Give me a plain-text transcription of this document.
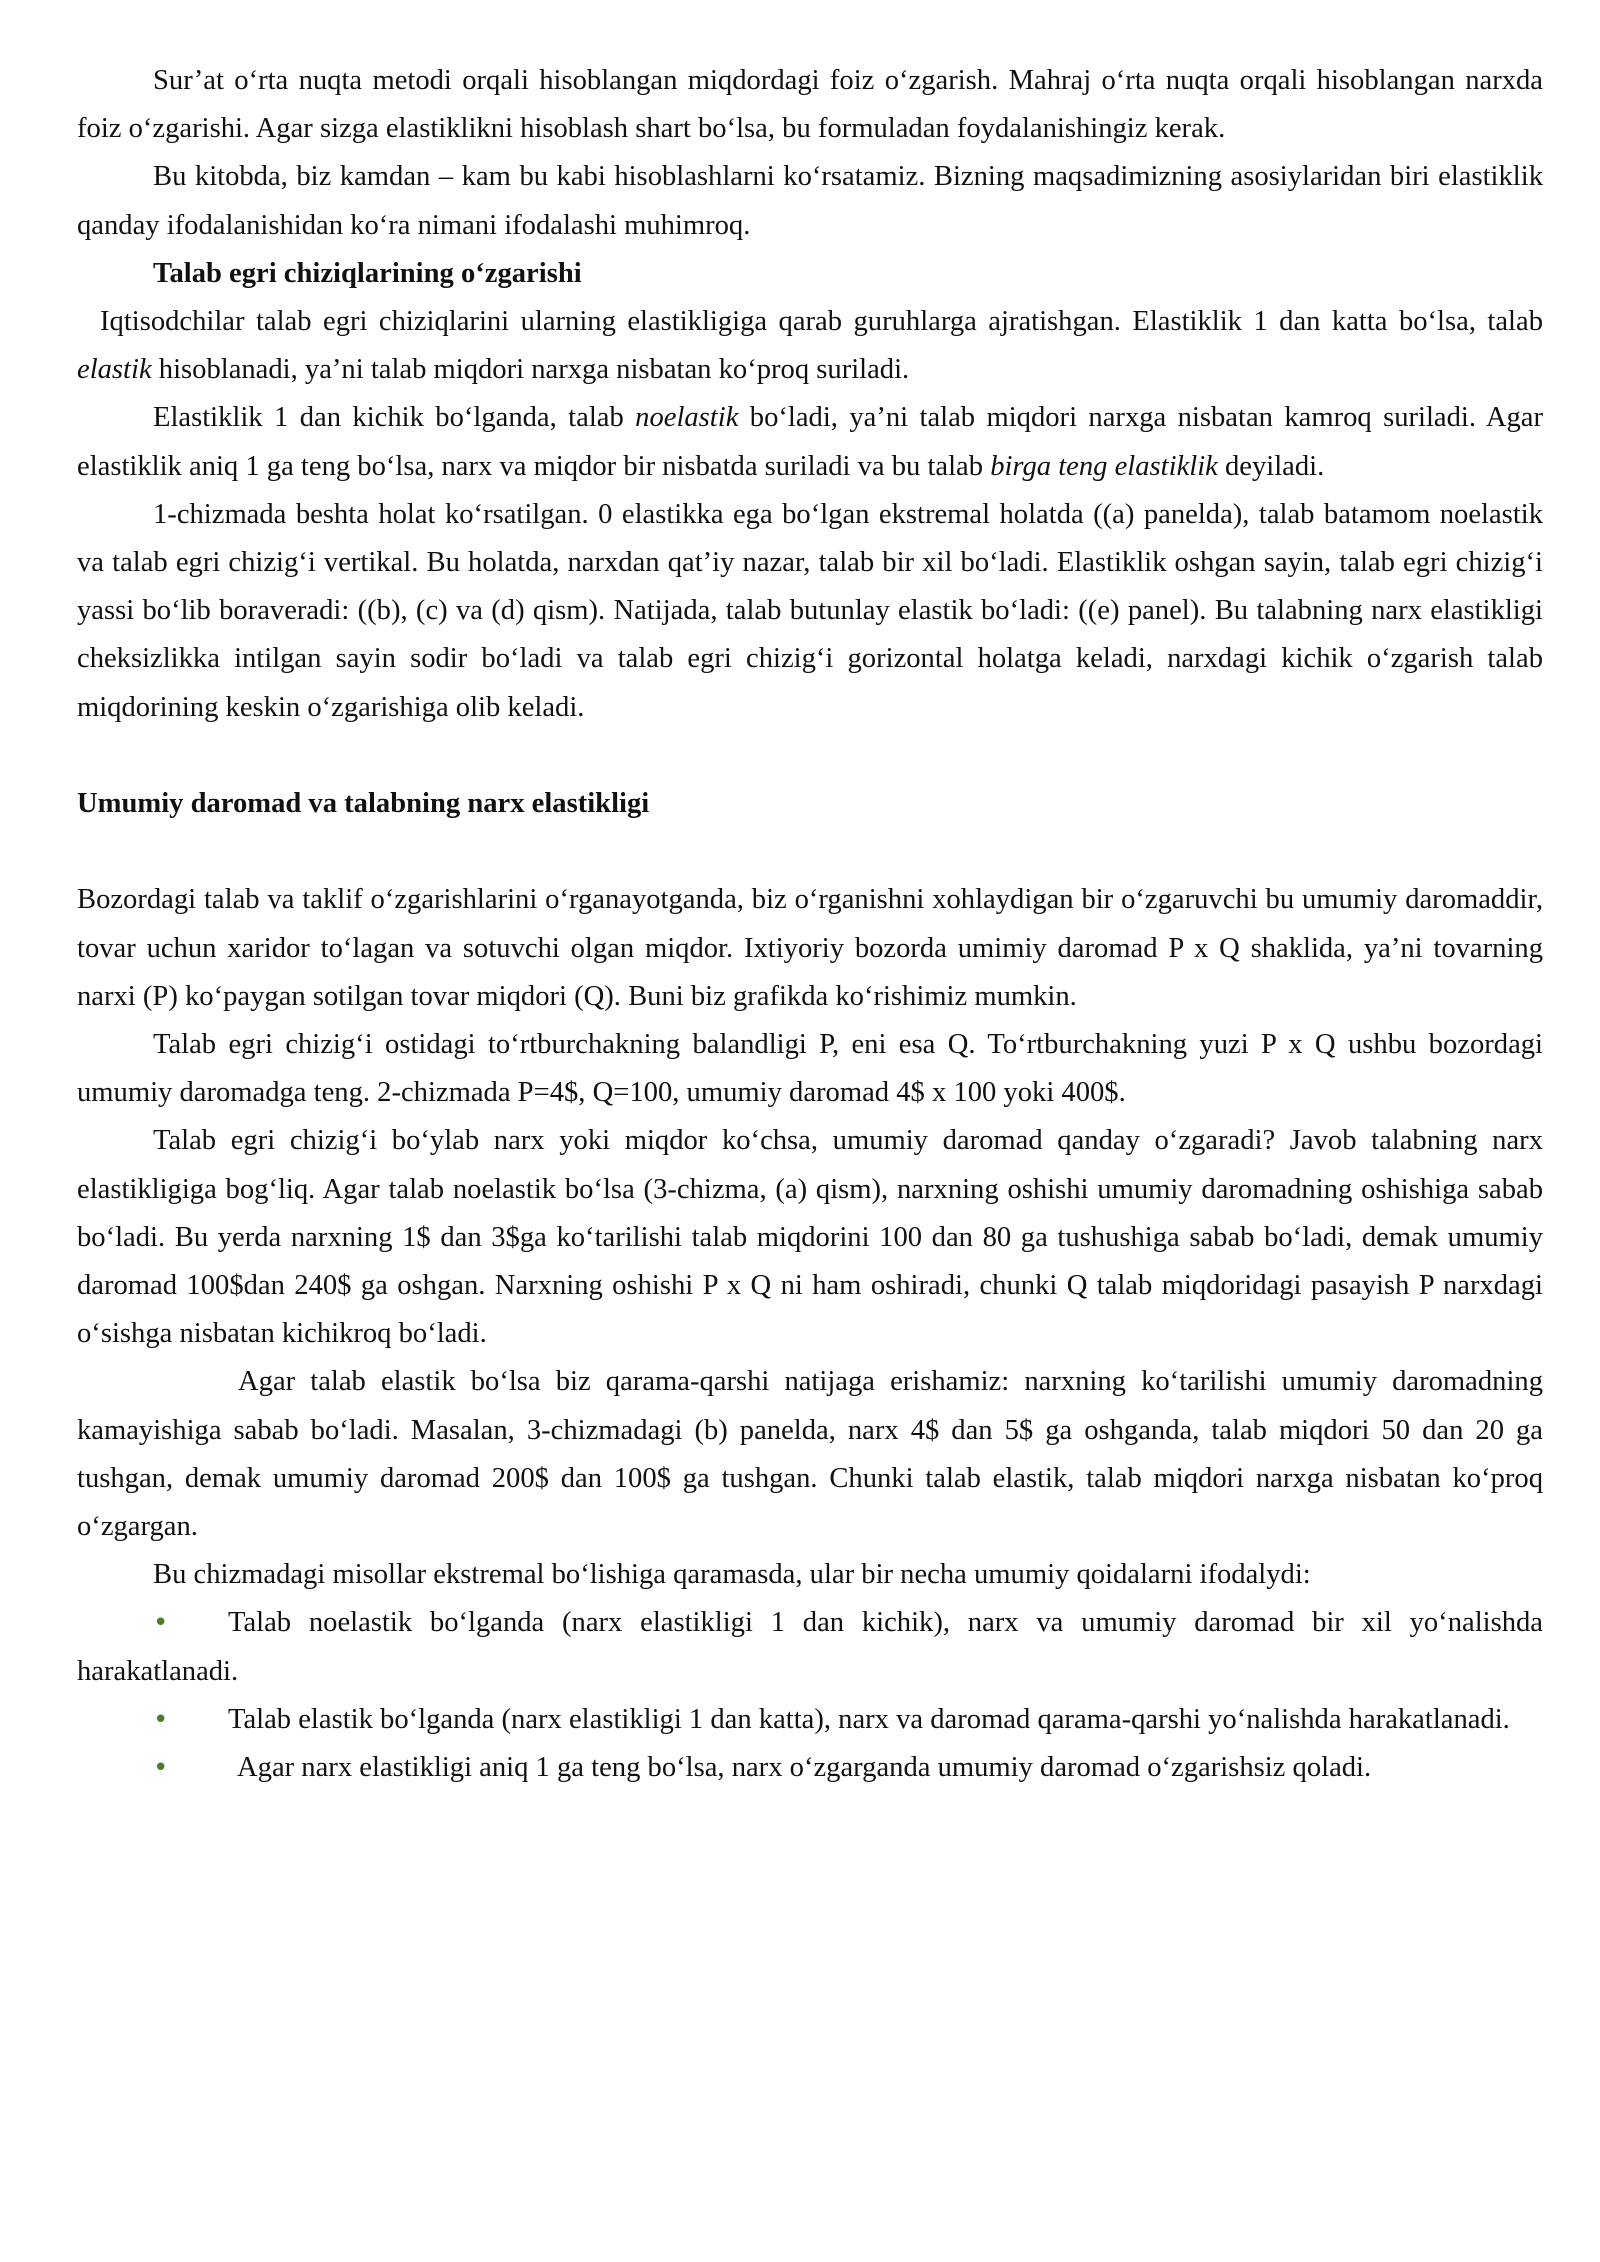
Sur’at o‘rta nuqta metodi orqali hisoblangan miqdordagi foiz o‘zgarish. Mahraj o‘rta nuqta orqali hisoblangan narxda foiz o‘zgarishi. Agar sizga elastiklikni hisoblash shart bo‘lsa, bu formuladan foydalanishingiz kerak.

Bu kitobda, biz kamdan – kam bu kabi hisoblashlarni ko‘rsatamiz. Bizning maqsadimizning asosiylaridan biri elastiklik qanday ifodalanishidan ko‘ra nimani ifodalashi muhimroq.

Talab egri chiziqlarining o‘zgarishi

Iqtisodchilar talab egri chiziqlarini ularning elastikligiga qarab guruhlarga ajratishgan. Elastiklik 1 dan katta bo‘lsa, talab elastik hisoblanadi, ya’ni talab miqdori narxga nisbatan ko‘proq suriladi.

Elastiklik 1 dan kichik bo‘lganda, talab noelastik bo‘ladi, ya’ni talab miqdori narxga nisbatan kamroq suriladi. Agar elastiklik aniq 1 ga teng bo‘lsa, narx va miqdor bir nisbatda suriladi va bu talab birga teng elastiklik deyiladi.

1-chizmada beshta holat ko‘rsatilgan. 0 elastikka ega bo‘lgan ekstremal holatda ((a) panelda), talab batamom noelastik va talab egri chizig‘i vertikal. Bu holatda, narxdan qat’iy nazar, talab bir xil bo‘ladi. Elastiklik oshgan sayin, talab egri chizig‘i yassi bo‘lib boraveradi: ((b), (c) va (d) qism). Natijada, talab butunlay elastik bo‘ladi: ((e) panel). Bu talabning narx elastikligi cheksizlikka intilgan sayin sodir bo‘ladi va talab egri chizig‘i gorizontal holatga keladi, narxdagi kichik o‘zgarish talab miqdorining keskin o‘zgarishiga olib keladi.

Umumiy daromad va talabning narx elastikligi

Bozordagi talab va taklif o‘zgarishlarini o‘rganayotganda, biz o‘rganishni xohlaydigan bir o‘zgaruvchi bu umumiy daromaddir, tovar uchun xaridor to‘lagan va sotuvchi olgan miqdor. Ixtiyoriy bozorda umimiy daromad P x Q shaklida, ya’ni tovarning narxi (P) ko‘paygan sotilgan tovar miqdori (Q). Buni biz grafikda ko‘rishimiz mumkin.

Talab egri chizig‘i ostidagi to‘rtburchakning balandligi P, eni esa Q. To‘rtburchakning yuzi P x Q ushbu bozordagi umumiy daromadga teng. 2-chizmada P=4$, Q=100, umumiy daromad 4$ x 100 yoki 400$.

Talab egri chizig‘i bo‘ylab narx yoki miqdor ko‘chsa, umumiy daromad qanday o‘zgaradi? Javob talabning narx elastikligiga bog‘liq. Agar talab noelastik bo‘lsa (3-chizma, (a) qism), narxning oshishi umumiy daromadning oshishiga sabab bo‘ladi. Bu yerda narxning 1$ dan 3$ga ko‘tarilishi talab miqdorini 100 dan 80 ga tushushiga sabab bo‘ladi, demak umumiy daromad 100$dan 240$ ga oshgan. Narxning oshishi P x Q ni ham oshiradi, chunki Q talab miqdoridagi pasayish P narxdagi o‘sishga nisbatan kichikroq bo‘ladi.

Agar talab elastik bo‘lsa biz qarama-qarshi natijaga erishamiz: narxning ko‘tarilishi umumiy daromadning kamayishiga sabab bo‘ladi. Masalan, 3-chizmadagi (b) panelda, narx 4$ dan 5$ ga oshganda, talab miqdori 50 dan 20 ga tushgan, demak umumiy daromad 200$ dan 100$ ga tushgan. Chunki talab elastik, talab miqdori narxga nisbatan ko‘proq o‘zgargan.

Bu chizmadagi misollar ekstremal bo‘lishiga qaramasda, ular bir necha umumiy qoidalarni ifodalydi:

• Talab noelastik bo‘lganda (narx elastikligi 1 dan kichik), narx va umumiy daromad bir xil yo‘nalishda harakatlanadi.

• Talab elastik bo‘lganda (narx elastikligi 1 dan katta), narx va daromad qarama-qarshi yo‘nalishda harakatlanadi.

• Agar narx elastikligi aniq 1 ga teng bo‘lsa, narx o‘zgarganda umumiy daromad o‘zgarishsiz qoladi.
